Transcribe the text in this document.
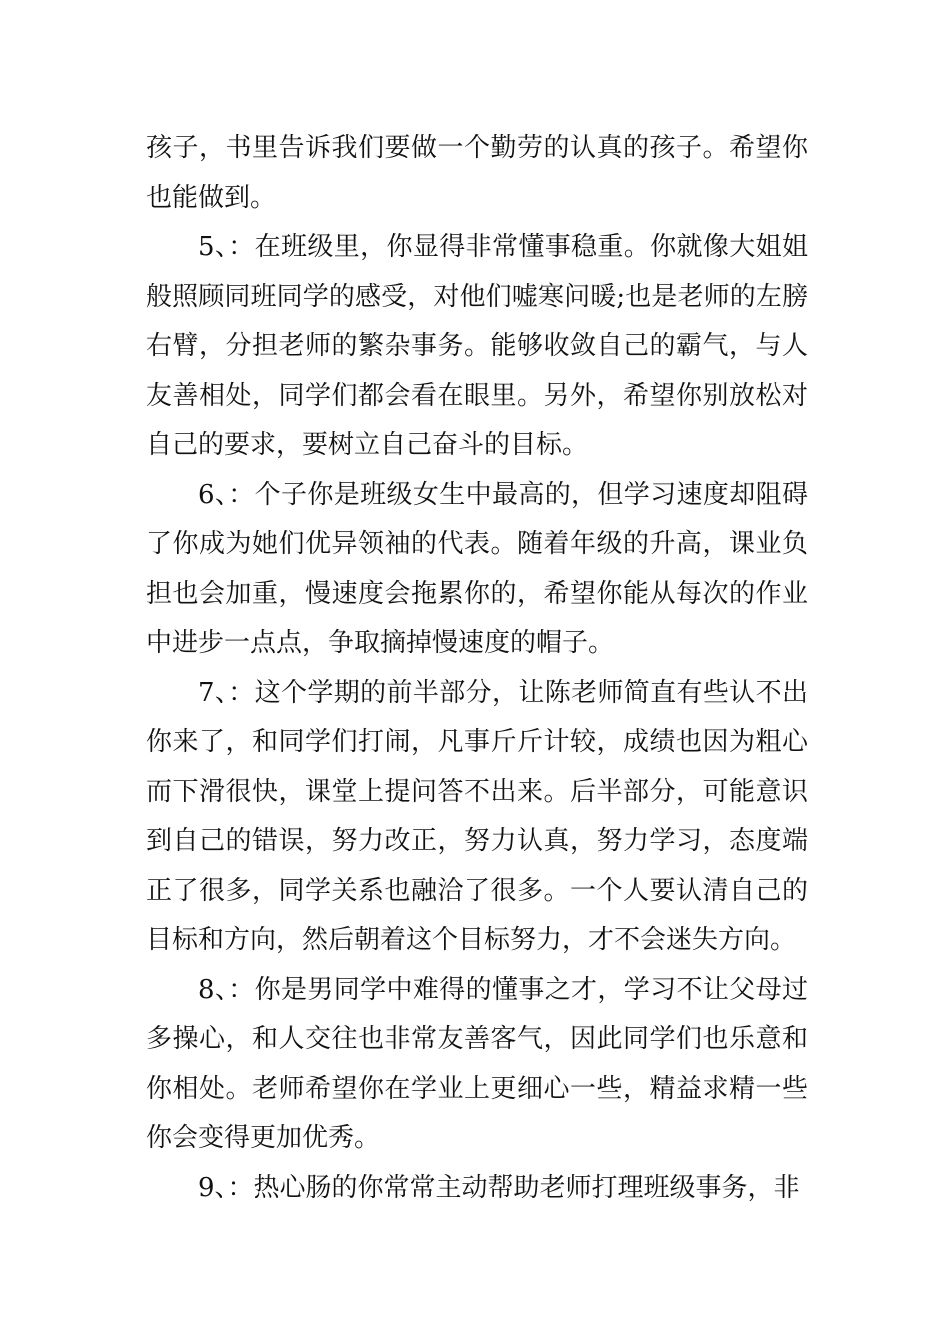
孩子，书里告诉我们要做一个勤劳的认真的孩子。希望你也能做到。

5、：在班级里，你显得非常懂事稳重。你就像大姐姐般照顾同班同学的感受，对他们嘘寒问暖;也是老师的左膀右臂，分担老师的繁杂事务。能够收敛自己的霸气，与人友善相处，同学们都会看在眼里。另外，希望你别放松对自己的要求，要树立自己奋斗的目标。

6、：个子你是班级女生中最高的，但学习速度却阻碍了你成为她们优异领袖的代表。随着年级的升高，课业负担也会加重，慢速度会拖累你的，希望你能从每次的作业中进步一点点，争取摘掉慢速度的帽子。

7、：这个学期的前半部分，让陈老师简直有些认不出你来了，和同学们打闹，凡事斤斤计较，成绩也因为粗心而下滑很快，课堂上提问答不出来。后半部分，可能意识到自己的错误，努力改正，努力认真，努力学习，态度端正了很多，同学关系也融洽了很多。一个人要认清自己的目标和方向，然后朝着这个目标努力，才不会迷失方向。

8、：你是男同学中难得的懂事之才，学习不让父母过多操心，和人交往也非常友善客气，因此同学们也乐意和你相处。老师希望你在学业上更细心一些，精益求精一些你会变得更加优秀。

9、：热心肠的你常常主动帮助老师打理班级事务，非
